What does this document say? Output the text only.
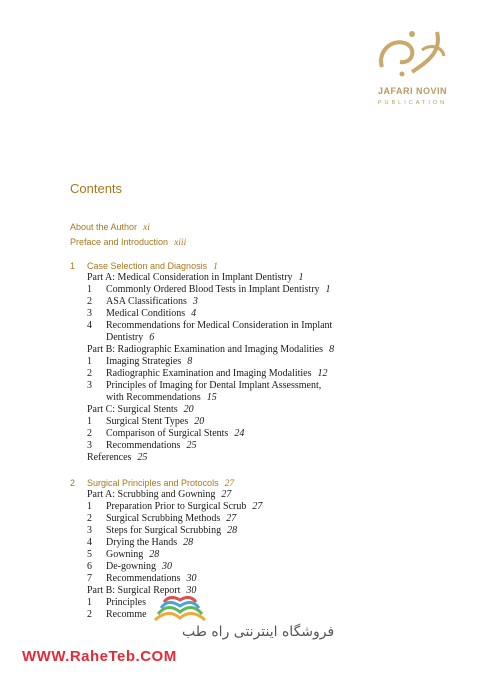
JAFARI NOVIN
PUBLICATION
Contents
About the Author xi
Preface and Introduction xiii
1 Case Selection and Diagnosis 1
Part A: Medical Consideration in Implant Dentistry 1
1 Commonly Ordered Blood Tests in Implant Dentistry 1
2 ASA Classifications 3
3 Medical Conditions 4
4 Recommendations for Medical Consideration in Implant
Dentistry 6
Part B: Radiographic Examination and Imaging Modalities 8
1 Imaging Strategies 8
2 Radiographic Examination and Imaging Modalities 12
3 Principles of Imaging for Dental Implant Assessment,
with Recommendations 15
Part C: Surgical Stents 20
1 Surgical Stent Types 20
2 Comparison of Surgical Stents 24
3 Recommendations 25
References 25
2 Surgical Principles and Protocols 27
Part A: Scrubbing and Gowning 27
1 Preparation Prior to Surgical Scrub 27
2 Surgical Scrubbing Methods 27
3 Steps for Surgical Scrubbing 28
4 Drying the Hands 28
5 Gowning 28
6 De-gowning 30
7 Recommendations 30
Part B: Surgical Report 30
1 Principles
2 Recomme
فروشگاه اینترنتی راه طب
WWW.RaheTeb.COM
